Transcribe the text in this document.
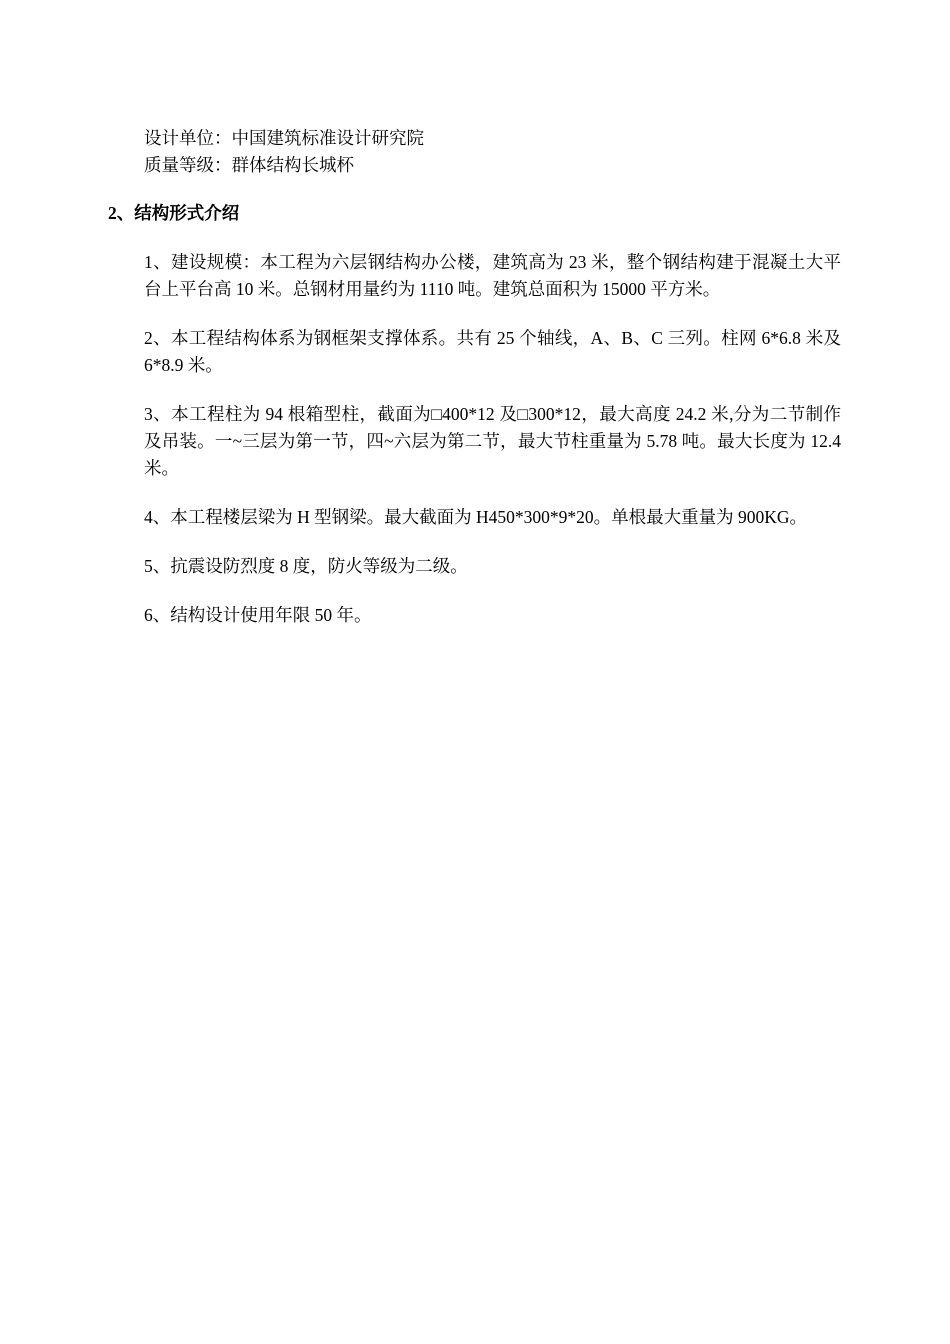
设计单位：中国建筑标准设计研究院

质量等级：群体结构长城杯

2、结构形式介绍

1、建设规模：本工程为六层钢结构办公楼，建筑高为 23 米，整个钢结构建于混凝土大平台上平台高 10 米。总钢材用量约为 1110 吨。建筑总面积为 15000 平方米。

2、本工程结构体系为钢框架支撑体系。共有 25 个轴线，A、B、C 三列。柱网 6*6.8 米及 6*8.9 米。

3、本工程柱为 94 根箱型柱，截面为□400*12 及□300*12，最大高度 24.2 米,分为二节制作及吊装。一~三层为第一节，四~六层为第二节，最大节柱重量为 5.78 吨。最大长度为 12.4 米。

4、本工程楼层梁为 H 型钢梁。最大截面为 H450*300*9*20。单根最大重量为 900KG。

5、抗震设防烈度 8 度，防火等级为二级。

6、结构设计使用年限 50 年。
